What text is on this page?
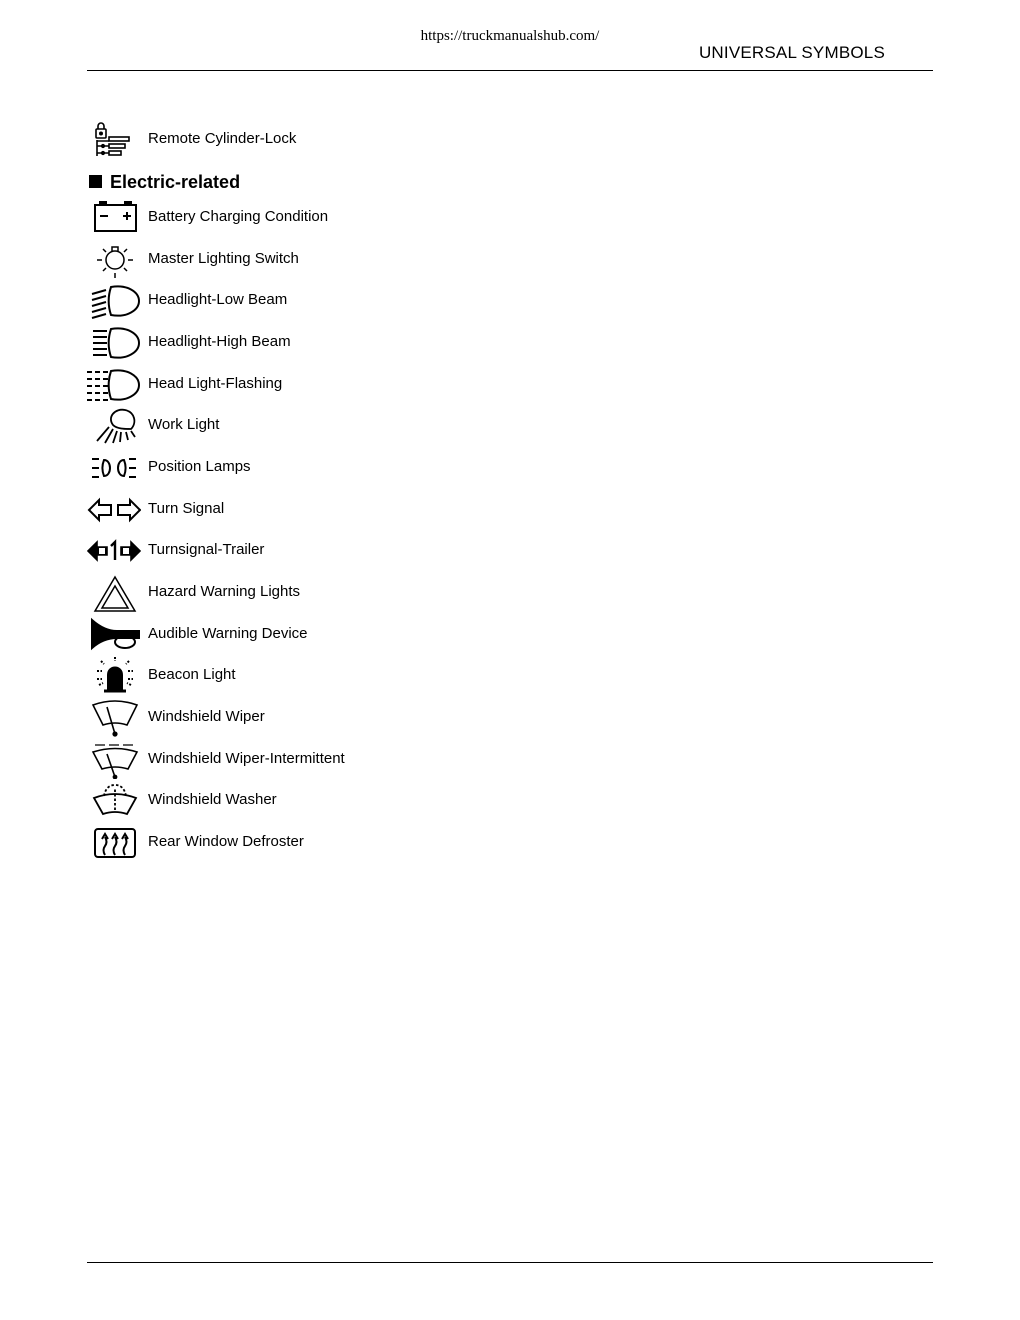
https://truckmanualshub.com/
UNIVERSAL SYMBOLS
Remote Cylinder-Lock
Electric-related
Battery Charging Condition
Master Lighting Switch
Headlight-Low Beam
Headlight-High Beam
Head Light-Flashing
Work Light
Position Lamps
Turn Signal
Turnsignal-Trailer
Hazard Warning Lights
Audible Warning Device
Beacon Light
Windshield Wiper
Windshield Wiper-Intermittent
Windshield Washer
Rear Window Defroster
